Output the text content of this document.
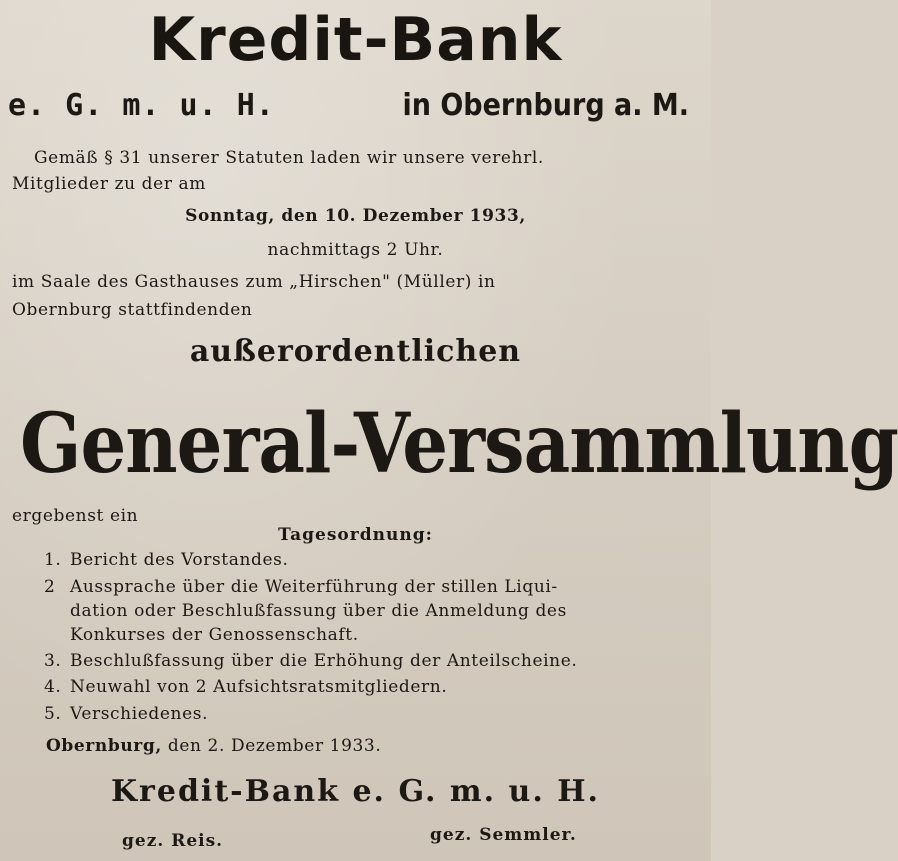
Kredit-Bank
e. G. m. u. H.	in Obernburg a. M.
Gemäß § 31 unserer Statuten laden wir unsere verehrl.
Mitglieder zu der am
Sonntag, den 10. Dezember 1933,
nachmittags 2 Uhr.
im Saale des Gasthauses zum „Hirschen" (Müller) in
Obernburg stattfindenden
außerordentlichen
General-Versammlung
ergebenst ein
Tagesordnung:
1. Bericht des Vorstandes.
2 Aussprache über die Weiterführung der stillen Liqui-
dation oder Beschlußfassung über die Anmeldung des
Konkurses der Genossenschaft.
3. Beschlußfassung über die Erhöhung der Anteilscheine.
4. Neuwahl von 2 Aufsichtsratsmitgliedern.
5. Verschiedenes.
Obernburg, den 2. Dezember 1933.
Kredit-Bank e. G. m. u. H.
gez. Reis.	gez. Semmler.
